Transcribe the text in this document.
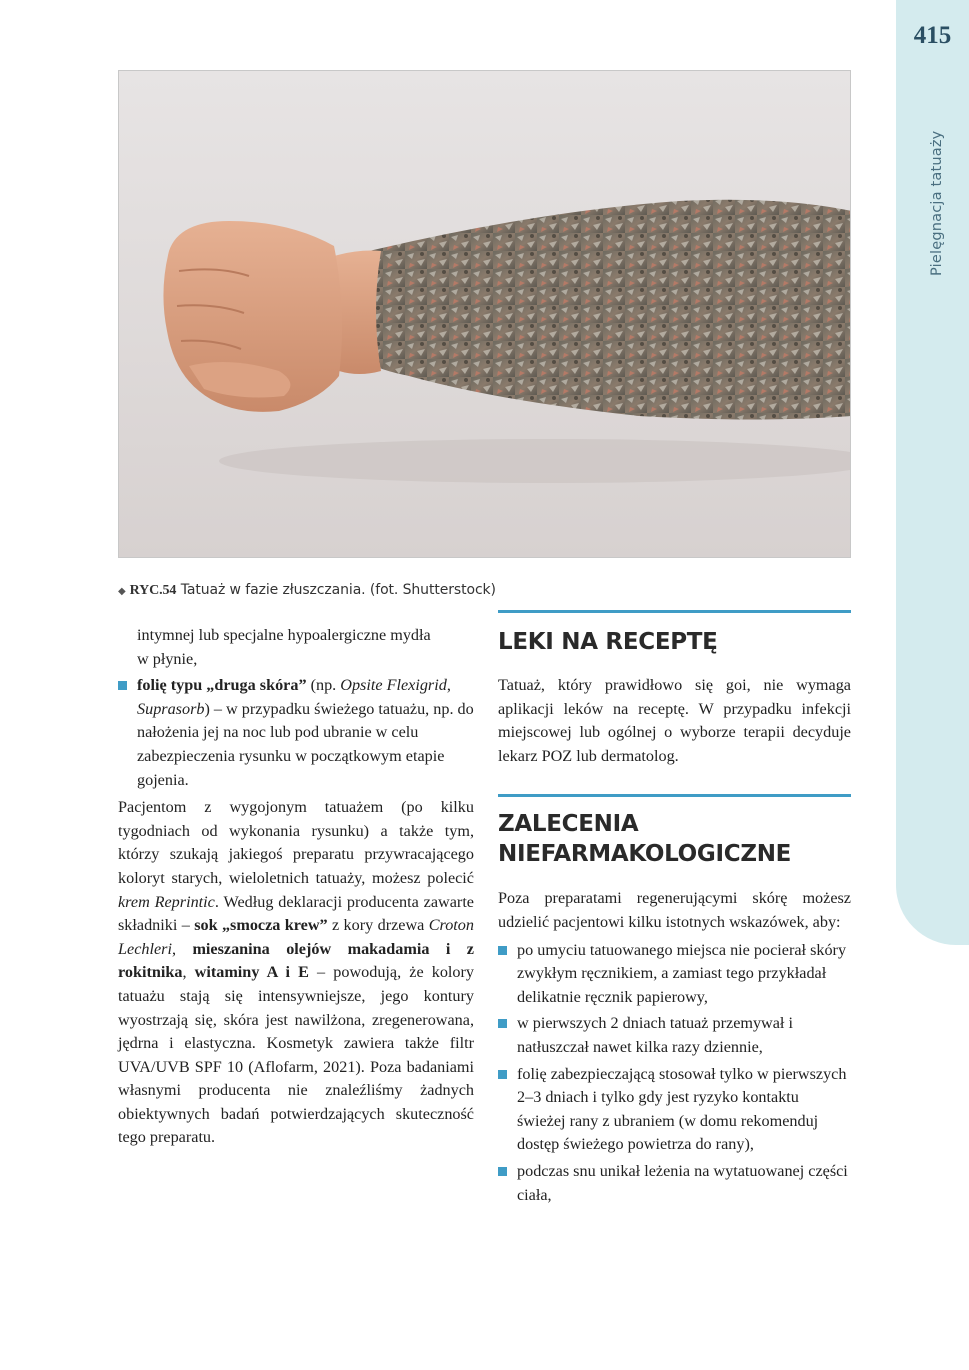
415
Pielęgnacja tatuaży
◆ RYC.54 Tatuaż w fazie złuszczania. (fot. Shutterstock)
intymnej lub specjalne hypoalergiczne mydła
w płynie,
folię typu „druga skóra” (np. Opsite Flexigrid, Suprasorb) – w przypadku świeżego tatuażu, np. do nałożenia jej na noc lub pod ubranie w celu zabezpieczenia rysunku w początkowym etapie gojenia.

Pacjentom z wygojonym tatuażem (po kilku tygodniach od wykonania rysunku) a także tym, którzy szukają jakiegoś preparatu przywracającego koloryt starych, wieloletnich tatuaży, możesz polecić krem Reprintic. Według deklaracji producenta zawarte składniki – sok „smocza krew” z kory drzewa Croton Lechleri, mieszanina olejów makadamia i z rokitnika, witaminy A i E – powodują, że kolory tatuażu stają się intensywniejsze, jego kontury wyostrzają się, skóra jest nawilżona, zregenerowana, jędrna i elastyczna. Kosmetyk zawiera także filtr UVA/UVB SPF 10 (Aflofarm, 2021). Poza badaniami własnymi producenta nie znaleźliśmy żadnych obiektywnych badań potwierdzających skuteczność tego preparatu.

LEKI NA RECEPTĘ

Tatuaż, który prawidłowo się goi, nie wymaga aplikacji leków na receptę. W przypadku infekcji miejscowej lub ogólnej o wyborze terapii decyduje lekarz POZ lub dermatolog.

ZALECENIA
NIEFARMAKOLOGICZNE

Poza preparatami regenerującymi skórę możesz udzielić pacjentowi kilku istotnych wskazówek, aby:

po umyciu tatuowanego miejsca nie pocierał skóry zwykłym ręcznikiem, a zamiast tego przykładał delikatnie ręcznik papierowy,
w pierwszych 2 dniach tatuaż przemywał i natłuszczał nawet kilka razy dziennie,
folię zabezpieczającą stosował tylko w pierwszych 2–3 dniach i tylko gdy jest ryzyko kontaktu świeżej rany z ubraniem (w domu rekomenduj dostęp świeżego powietrza do rany),
podczas snu unikał leżenia na wytatuowanej części ciała,
